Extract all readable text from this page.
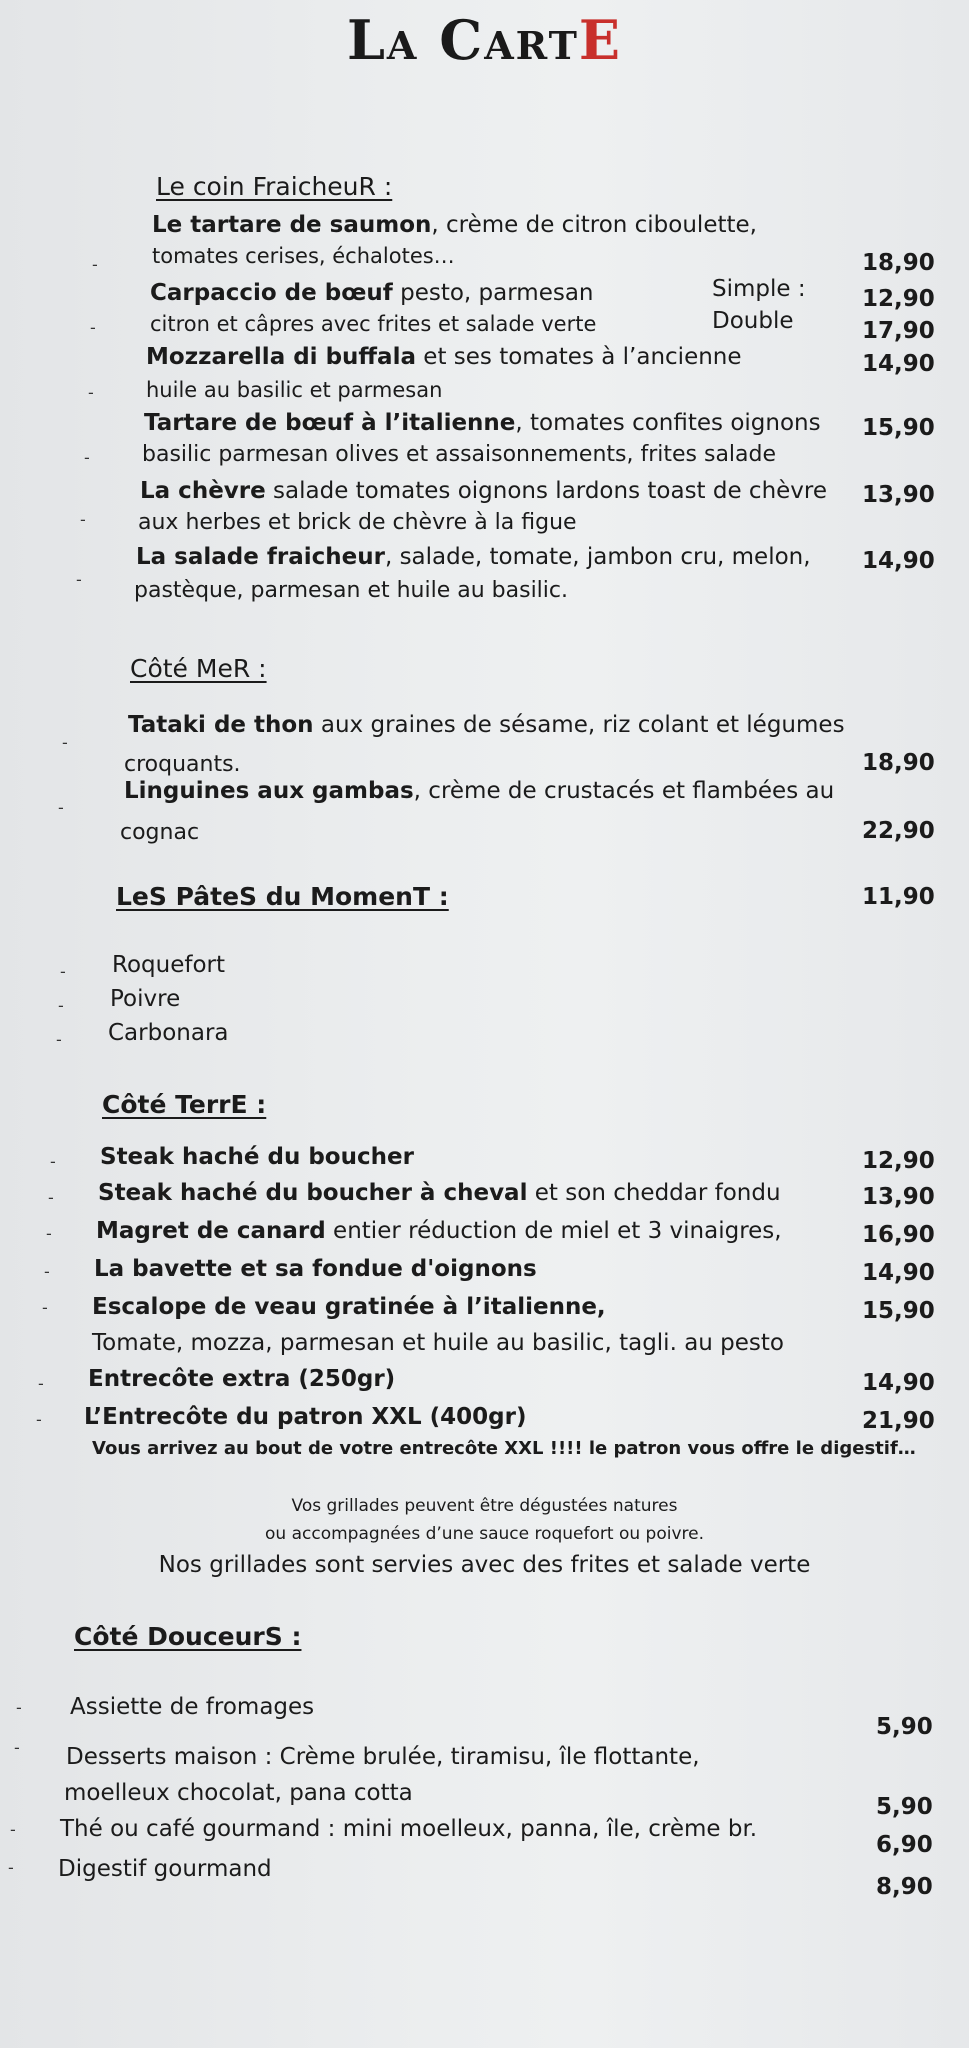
LA CARTE
Le coin FraicheuR :
-
Le tartare de saumon, crème de citron ciboulette,
tomates cerises, échalotes…	18,90
-
Carpaccio de bœuf pesto, parmesan
citron et câpres avec frites et salade verte
Simple :
Double
12,90
17,90
-
Mozzarella di buffala et ses tomates à l’ancienne
huile au basilic et parmesan
14,90
-
Tartare de bœuf à l’italienne, tomates confites oignons
basilic parmesan olives et assaisonnements, frites salade
15,90
-
La chèvre salade tomates oignons lardons toast de chèvre
aux herbes et brick de chèvre à la figue
13,90
-
La salade fraicheur, salade, tomate, jambon cru, melon,
pastèque, parmesan et huile au basilic.
14,90
Côté MeR :
-
Tataki de thon aux graines de sésame, riz colant et légumes
croquants.	18,90
-
Linguines aux gambas, crème de crustacés et flambées au
cognac	22,90
LeS PâteS du MomenT :	11,90
- Roquefort
- Poivre
- Carbonara
Côté TerrE :
- Steak haché du boucher	12,90
- Steak haché du boucher à cheval et son cheddar fondu	13,90
- Magret de canard entier réduction de miel et 3 vinaigres,	16,90
- La bavette et sa fondue d'oignons	14,90
- Escalope de veau gratinée à l’italienne,	15,90
Tomate, mozza, parmesan et huile au basilic, tagli. au pesto
- Entrecôte extra (250gr)	14,90
- L’Entrecôte du patron XXL (400gr)	21,90
Vous arrivez au bout de votre entrecôte XXL !!!! le patron vous offre le digestif…
Vos grillades peuvent être dégustées natures
ou accompagnées d’une sauce roquefort ou poivre.
Nos grillades sont servies avec des frites et salade verte
Côté DouceurS :
- Assiette de fromages
5,90
- Desserts maison : Crème brulée, tiramisu, île flottante,
moelleux chocolat, pana cotta
5,90
- Thé ou café gourmand : mini moelleux, panna, île, crème br.
6,90
- Digestif gourmand
8,90
